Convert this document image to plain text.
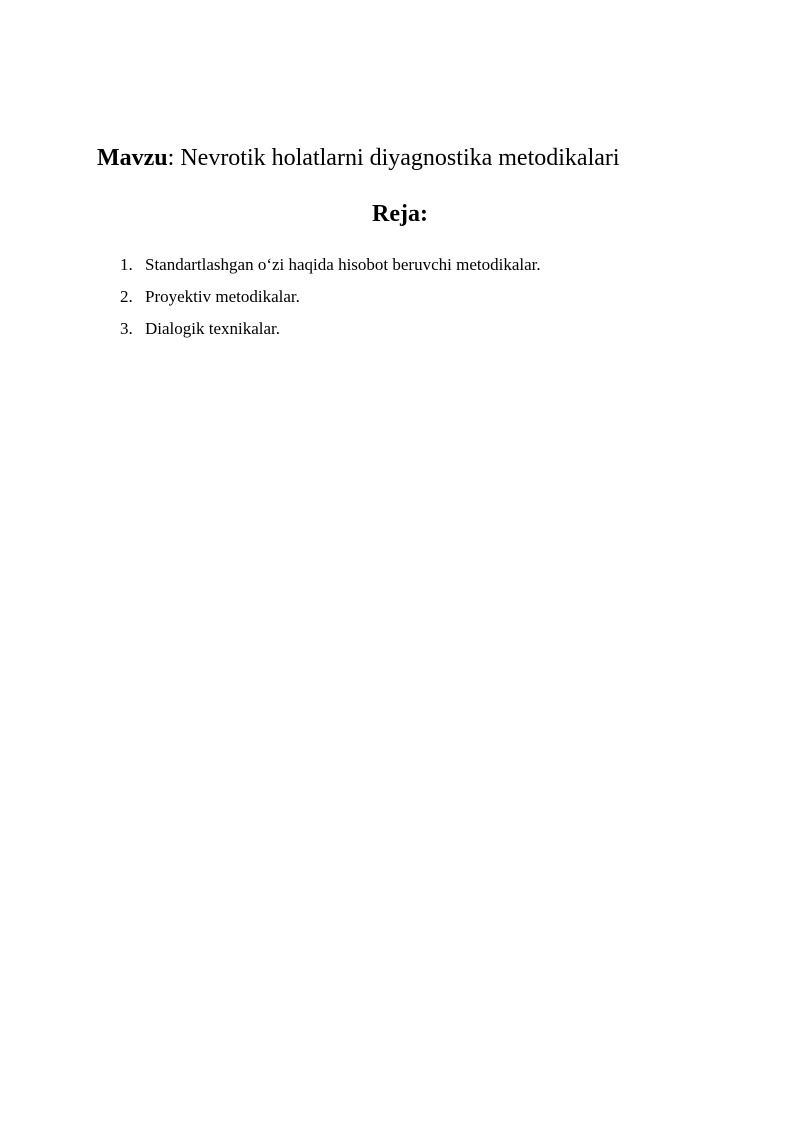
Mavzu: Nevrotik holatlarni diyagnostika metodikalari
Reja:
1. Standartlashgan o‘zi haqida hisobot beruvchi metodikalar.
2. Proyektiv metodikalar.
3. Dialogik texnikalar.
